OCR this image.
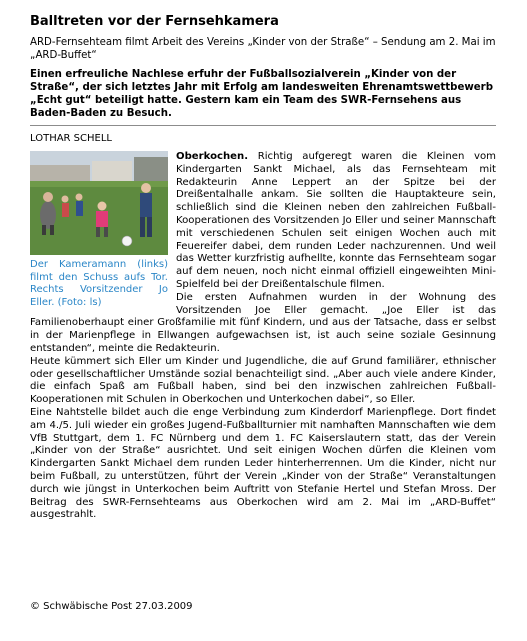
Balltreten vor der Fernsehkamera
ARD-Fernsehteam filmt Arbeit des Vereins „Kinder von der Straße“ – Sendung am 2. Mai im „ARD-Buffet“
Einen erfreuliche Nachlese erfuhr der Fußballsozialverein „Kinder von der Straße“, der sich letztes Jahr mit Erfolg am landesweiten Ehrenamtswettbewerb „Echt gut“ beteiligt hatte. Gestern kam ein Team des SWR-Fernsehens aus Baden-Baden zu Besuch.
LOTHAR SCHELL
Der Kameramann (links) filmt den Schuss aufs Tor. Rechts Vorsitzender Jo Eller. (Foto: ls)

Oberkochen. Richtig aufgeregt waren die Kleinen vom Kindergarten Sankt Michael, als das Fernsehteam mit Redakteurin Anne Leppert an der Spitze bei der Dreißentalhalle ankam. Sie sollten die Hauptakteure sein, schließlich sind die Kleinen neben den zahlreichen Fußball-Kooperationen des Vorsitzenden Jo Eller und seiner Mannschaft mit verschiedenen Schulen seit einigen Wochen auch mit Feuereifer dabei, dem runden Leder nachzurennen. Und weil das Wetter kurzfristig aufhellte, konnte das Fernsehteam sogar auf dem neuen, noch nicht einmal offiziell eingeweihten Mini-Spielfeld bei der Dreißentalschule filmen.

Die ersten Aufnahmen wurden in der Wohnung des Vorsitzenden Joe Eller gemacht. „Joe Eller ist das Familienoberhaupt einer Großfamilie mit fünf Kindern, und aus der Tatsache, dass er selbst in der Marienpflege in Ellwangen aufgewachsen ist, ist auch seine soziale Gesinnung entstanden“, meinte die Redakteurin.

Heute kümmert sich Eller um Kinder und Jugendliche, die auf Grund familiärer, ethnischer oder gesellschaftlicher Umstände sozial benachteiligt sind. „Aber auch viele andere Kinder, die einfach Spaß am Fußball haben, sind bei den inzwischen zahlreichen Fußball-Kooperationen mit Schulen in Oberkochen und Unterkochen dabei“, so Eller.

Eine Nahtstelle bildet auch die enge Verbindung zum Kinderdorf Marienpflege. Dort findet am 4./5. Juli wieder ein großes Jugend-Fußballturnier mit namhaften Mannschaften wie dem VfB Stuttgart, dem 1. FC Nürnberg und dem 1. FC Kaiserslautern statt, das der Verein „Kinder von der Straße“ ausrichtet. Und seit einigen Wochen dürfen die Kleinen vom Kindergarten Sankt Michael dem runden Leder hinterherrennen. Um die Kinder, nicht nur beim Fußball, zu unterstützen, führt der Verein „Kinder von der Straße“ Veranstaltungen durch wie jüngst in Unterkochen beim Auftritt von Stefanie Hertel und Stefan Mross. Der Beitrag des SWR-Fernsehteams aus Oberkochen wird am 2. Mai im „ARD-Buffet“ ausgestrahlt.

© Schwäbische Post 27.03.2009
